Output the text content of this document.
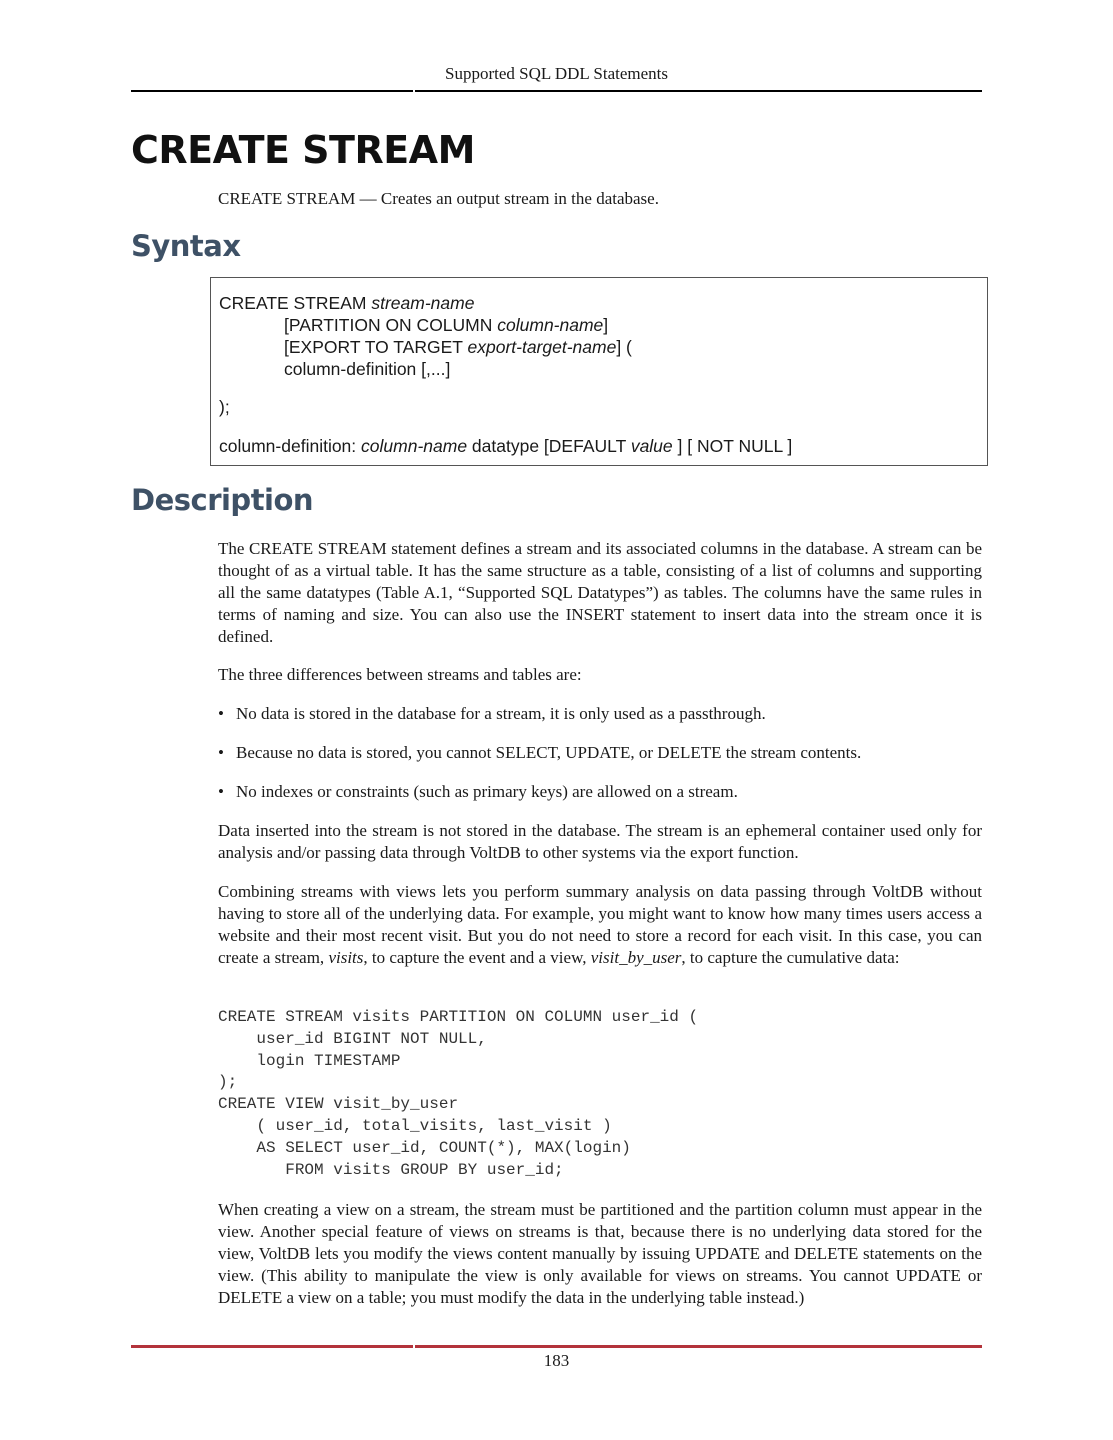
Supported SQL DDL Statements
CREATE STREAM
CREATE STREAM — Creates an output stream in the database.
Syntax
CREATE STREAM stream-name
[PARTITION ON COLUMN column-name]
[EXPORT TO TARGET export-target-name] (
column-definition [,...]
);
column-definition: column-name datatype [DEFAULT value ] [ NOT NULL ]
Description

The CREATE STREAM statement defines a stream and its associated columns in the database. A stream can be thought of as a virtual table. It has the same structure as a table, consisting of a list of columns and supporting all the same datatypes (Table A.1, “Supported SQL Datatypes”) as tables. The columns have the same rules in terms of naming and size. You can also use the INSERT statement to insert data into the stream once it is defined.

The three differences between streams and tables are:

• No data is stored in the database for a stream, it is only used as a passthrough.
• Because no data is stored, you cannot SELECT, UPDATE, or DELETE the stream contents.
• No indexes or constraints (such as primary keys) are allowed on a stream.

Data inserted into the stream is not stored in the database. The stream is an ephemeral container used only for analysis and/or passing data through VoltDB to other systems via the export function.

Combining streams with views lets you perform summary analysis on data passing through VoltDB without having to store all of the underlying data. For example, you might want to know how many times users access a website and their most recent visit. But you do not need to store a record for each visit. In this case, you can create a stream, visits, to capture the event and a view, visit_by_user, to capture the cumulative data:

CREATE STREAM visits PARTITION ON COLUMN user_id (
user_id BIGINT NOT NULL,
login TIMESTAMP
);
CREATE VIEW visit_by_user
( user_id, total_visits, last_visit )
AS SELECT user_id, COUNT(*), MAX(login)
FROM visits GROUP BY user_id;

When creating a view on a stream, the stream must be partitioned and the partition column must appear in the view. Another special feature of views on streams is that, because there is no underlying data stored for the view, VoltDB lets you modify the views content manually by issuing UPDATE and DELETE statements on the view. (This ability to manipulate the view is only available for views on streams. You cannot UPDATE or DELETE a view on a table; you must modify the data in the underlying table instead.)

183
